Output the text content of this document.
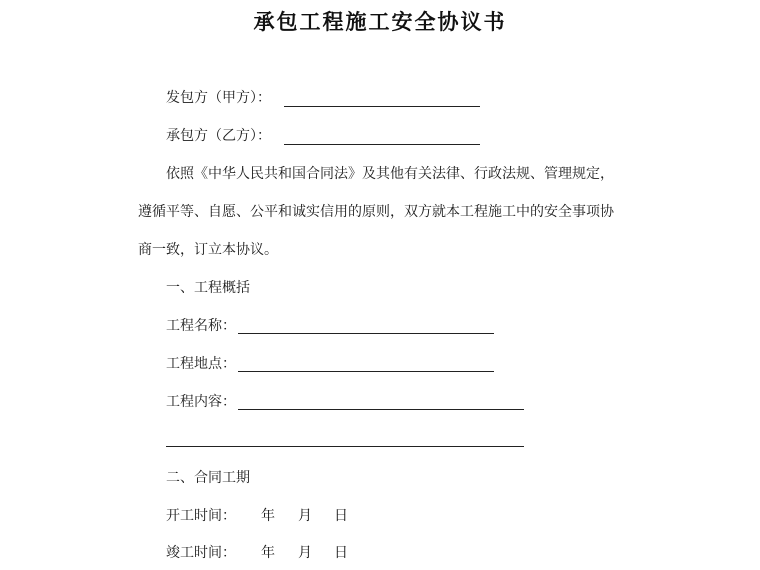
承包工程施工安全协议书
发包方（甲方）：
承包方（乙方）：
依照《中华人民共和国合同法》及其他有关法律、行政法规、管理规定，
遵循平等、自愿、公平和诚实信用的原则，双方就本工程施工中的安全事项协
商一致，订立本协议。
一、工程概括
工程名称：
工程地点：
工程内容：
二、合同工期
开工时间： 年 月 日
竣工时间： 年 月 日
